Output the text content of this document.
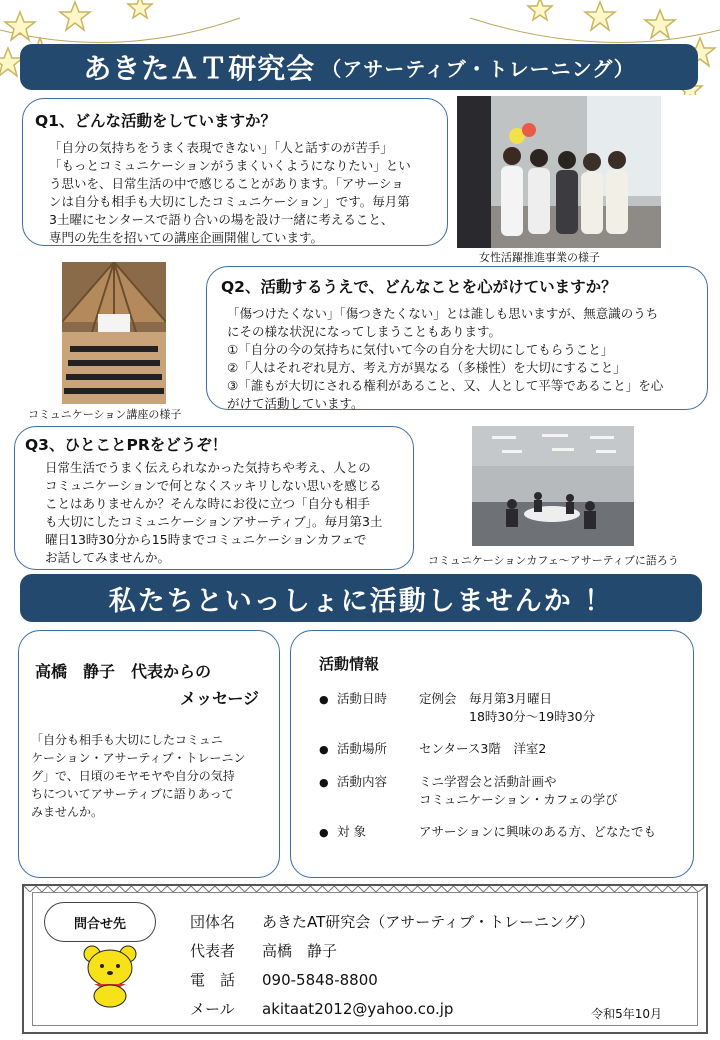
あきたＡＴ研究会 （アサーティブ・トレーニング）
Q1、どんな活動をしていますか？
「自分の気持ちをうまく表現できない」「人と話すのが苦手」
「もっとコミュニケーションがうまくいくようになりたい」とい
う思いを、日常生活の中で感じることがあります。「アサーショ
ンは自分も相手も大切にしたコミュニケーション」です。毎月第
3土曜にセンタースで語り合いの場を設け一緒に考えること、
専門の先生を招いての講座企画開催しています。
女性活躍推進事業の様子
コミュニケーション講座の様子
Q2、活動するうえで、どんなことを心がけていますか？
「傷つけたくない」「傷つきたくない」とは誰しも思いますが、無意識のうち
にその様な状況になってしまうこともあります。
①「自分の今の気持ちに気付いて今の自分を大切にしてもらうこと」
②「人はそれぞれ見方、考え方が異なる（多様性）を大切にすること」
③「誰もが大切にされる権利があること、又、人として平等であること」を心
がけて活動しています。
Q3、ひとことPRをどうぞ！
日常生活でうまく伝えられなかった気持ちや考え、人との
コミュニケーションで何となくスッキリしない思いを感じる
ことはありませんか？そんな時にお役に立つ「自分も相手
も大切にしたコミュニケーションアサーティブ」。毎月第3土
曜日13時30分から15時までコミュニケーションカフェで
お話してみませんか。	コミュニケーションカフェ～アサーティブに語ろう
私たちといっしょに活動しませんか ！
高橋　静子　代表からの
メッセージ
「自分も相手も大切にしたコミュニ
ケーション・アサーティブ・トレーニン
グ」で、日頃のモヤモヤや自分の気持
ちについてアサーティブに語りあって
みませんか。
活動情報
● 活動日時	定例会　毎月第3月曜日
　　　　18時30分～19時30分
● 活動場所	センタース3階　洋室2
● 活動内容	ミニ学習会と活動計画や
コミュニケーション・カフェの学び
● 対 象	アサーションに興味のある方、どなたでも
問合せ先	団体名	あきたAT研究会（アサーティブ・トレーニング）
代表者	高橋　静子
電　話	090-5848-8800
メール	akitaat2012@yahoo.co.jp	令和5年10月
